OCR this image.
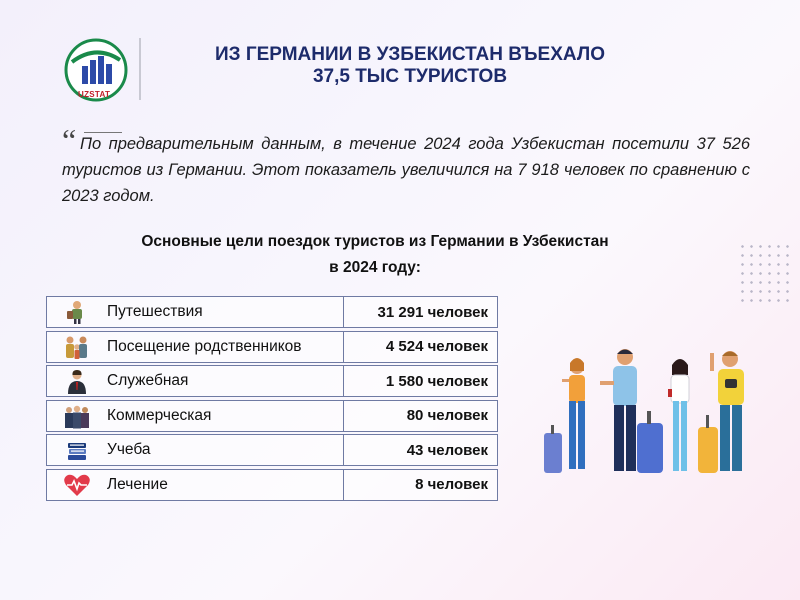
UZSTAT
ИЗ ГЕРМАНИИ В УЗБЕКИСТАН ВЪЕХАЛО
37,5 ТЫС ТУРИСТОВ
“ По предварительным данным, в течение 2024 года Узбекистан посетили 37 526 туристов из Германии. Этот показатель увеличился на 7 918 человек по сравнению с 2023 годом.
Основные цели поездок туристов из Германии в Узбекистан
в 2024 году:
Путешествия	31 291 человек
Посещение родственников	4 524 человек
Служебная	1 580 человек
Коммерческая	80 человек
Учеба	43 человек
Лечение	8 человек
